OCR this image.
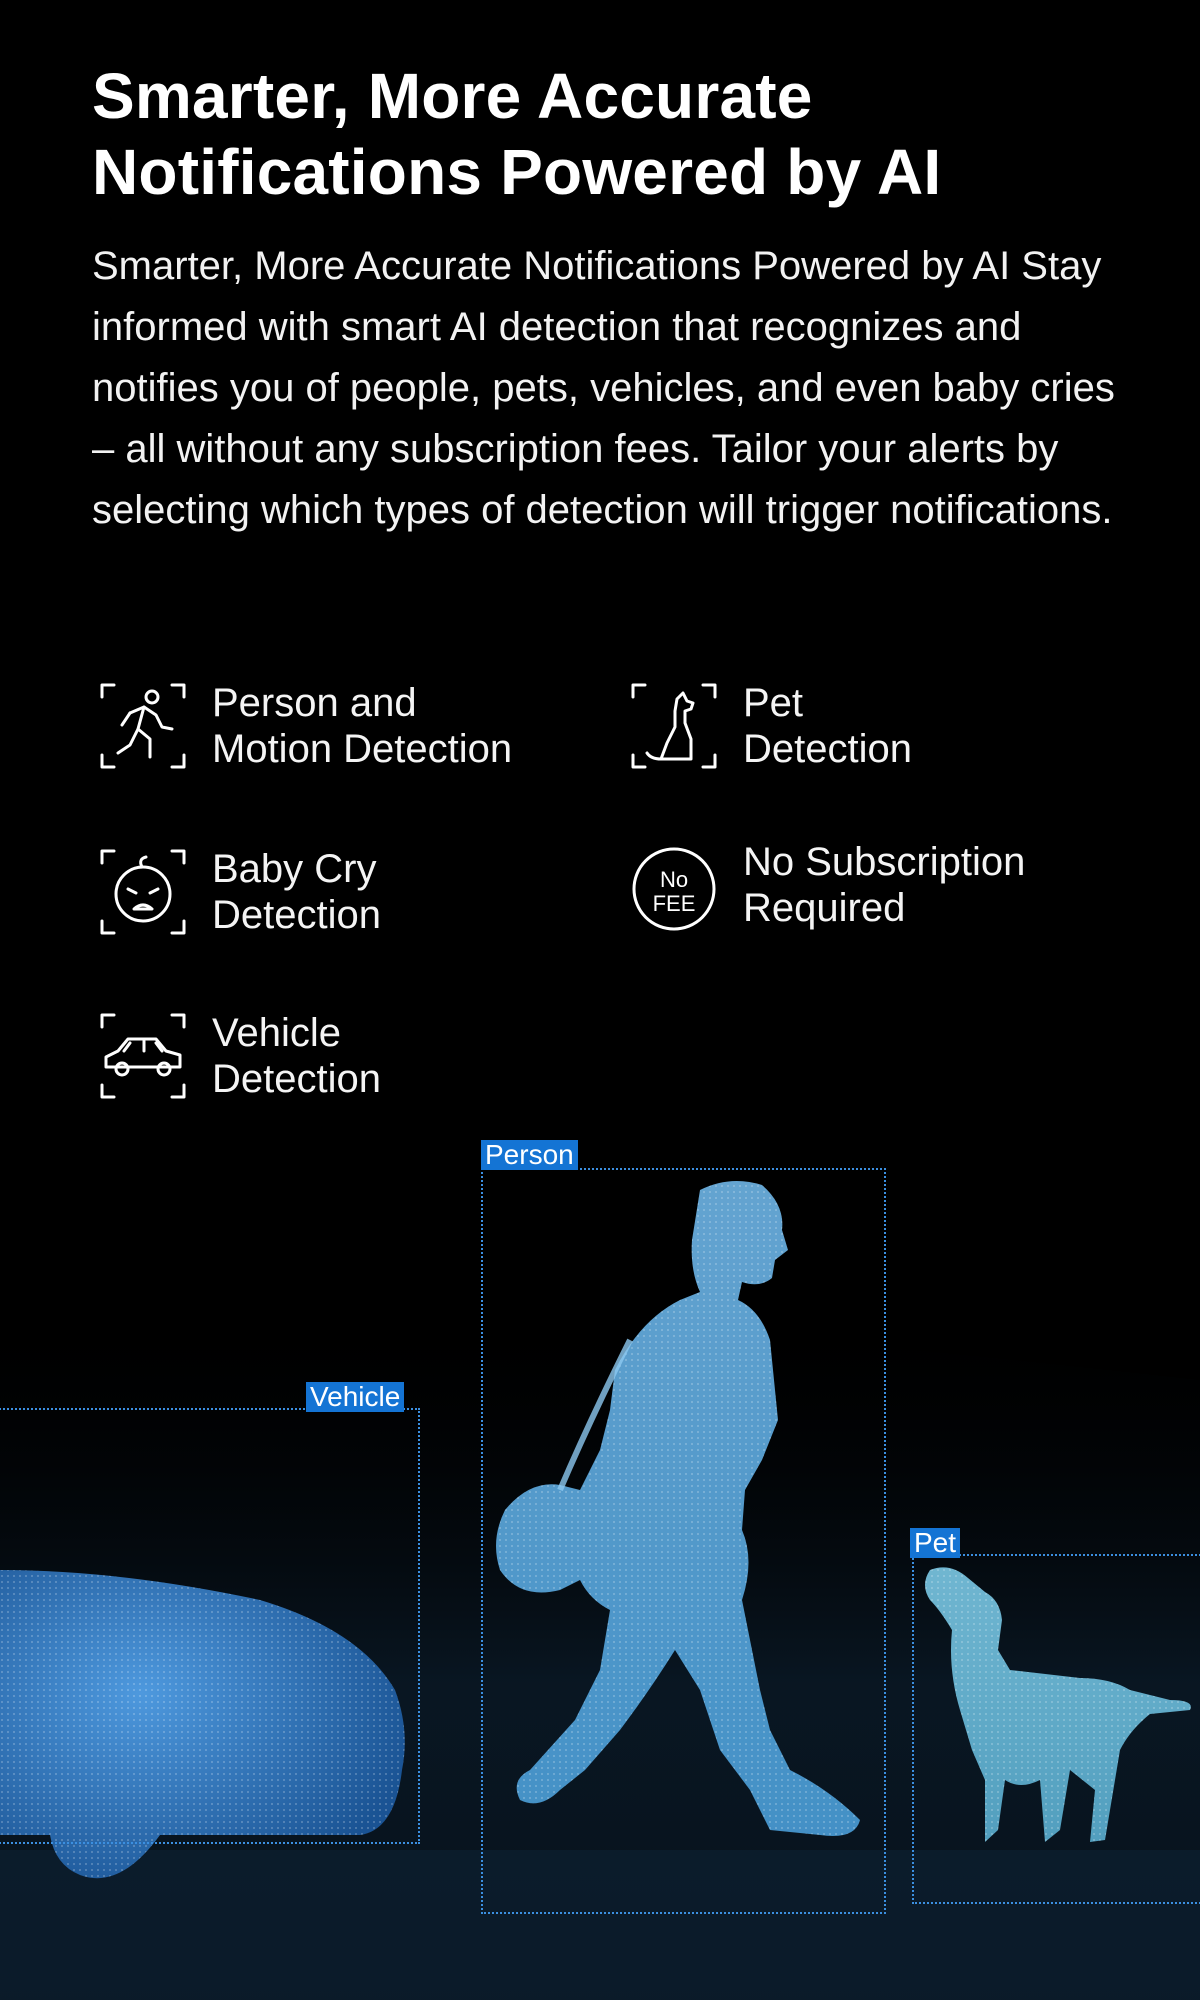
Smarter, More Accurate
Notifications Powered by AI

Smarter, More Accurate Notifications Powered by AI Stay informed with smart AI detection that recognizes and notifies you of people, pets, vehicles, and even baby cries – all without any subscription fees. Tailor your alerts by selecting which types of detection will trigger notifications.

Person and
Motion Detection
Pet
Detection
Baby Cry
Detection
No
FEE
No Subscription
Required
Vehicle
Detection
Vehicle
Person
Pet
